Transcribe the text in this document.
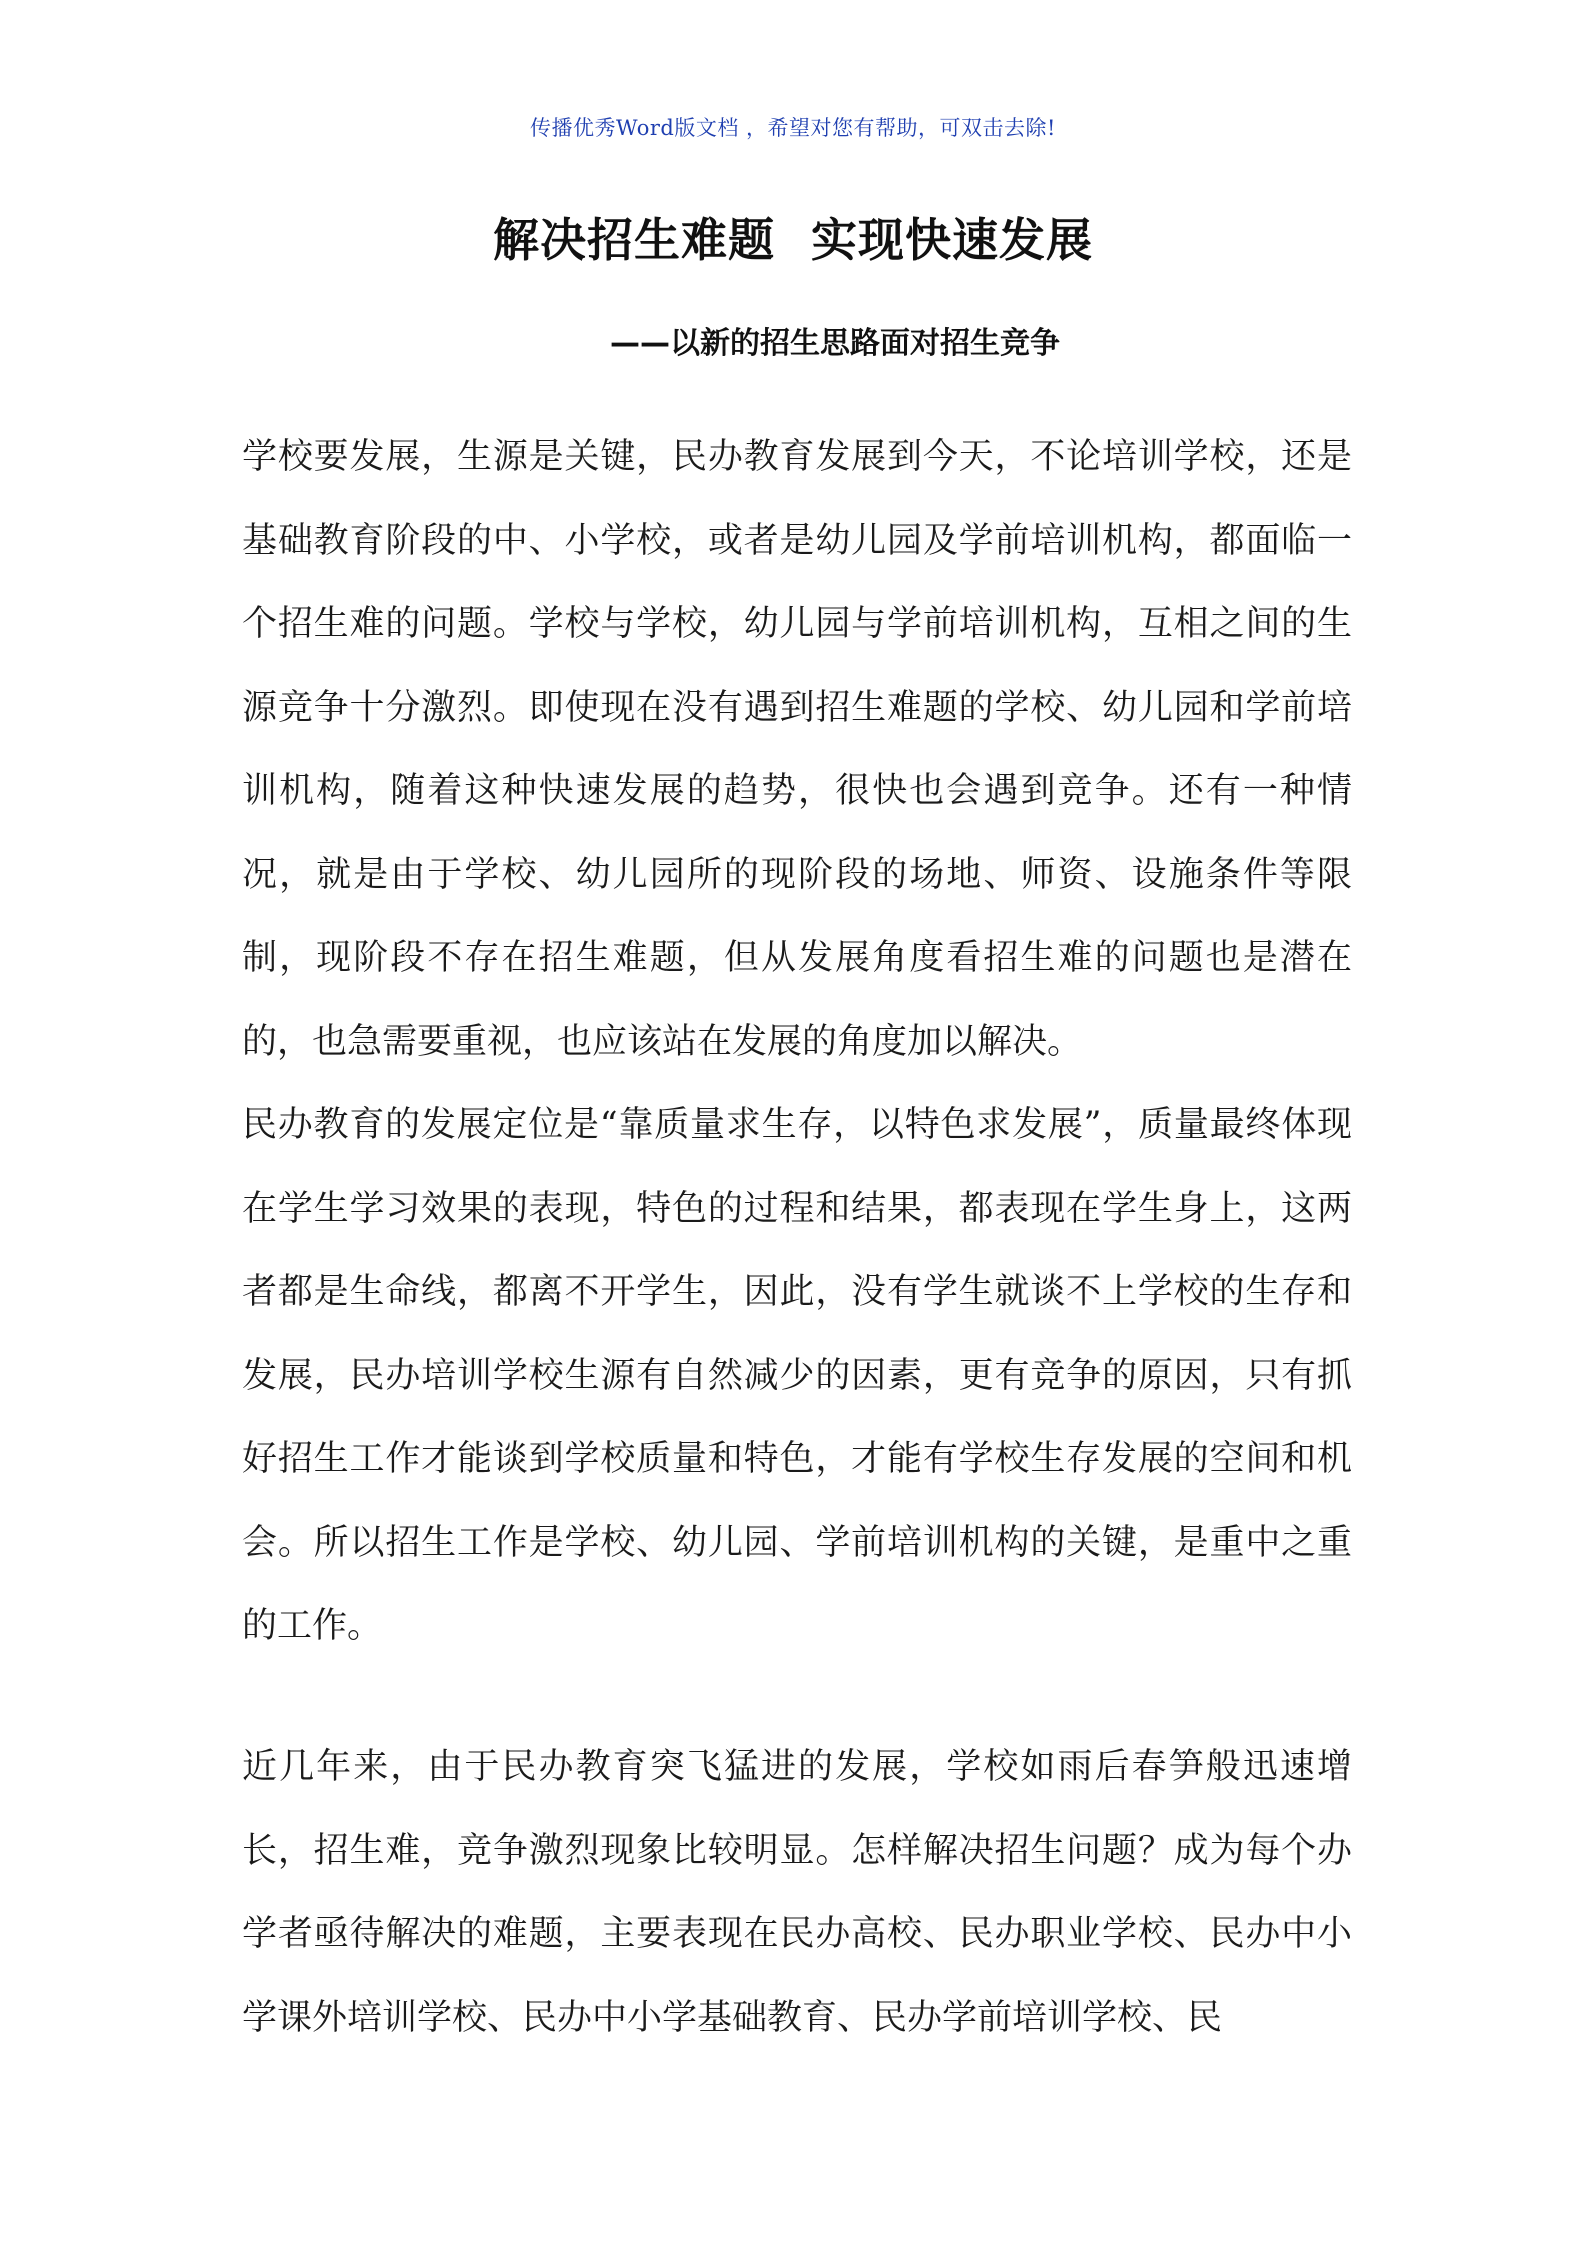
传播优秀Word版文档 ，希望对您有帮助，可双击去除!
解决招生难题 实现快速发展
——以新的招生思路面对招生竞争

学校要发展，生源是关键，民办教育发展到今天，不论培训学校，还是基础教育阶段的中、小学校，或者是幼儿园及学前培训机构，都面临一个招生难的问题。学校与学校，幼儿园与学前培训机构，互相之间的生源竞争十分激烈。即使现在没有遇到招生难题的学校、幼儿园和学前培训机构，随着这种快速发展的趋势，很快也会遇到竞争。还有一种情况，就是由于学校、幼儿园所的现阶段的场地、师资、设施条件等限制，现阶段不存在招生难题，但从发展角度看招生难的问题也是潜在的，也急需要重视，也应该站在发展的角度加以解决。

民办教育的发展定位是“靠质量求生存，以特色求发展”，质量最终体现在学生学习效果的表现，特色的过程和结果，都表现在学生身上，这两者都是生命线，都离不开学生，因此，没有学生就谈不上学校的生存和发展，民办培训学校生源有自然减少的因素，更有竞争的原因，只有抓好招生工作才能谈到学校质量和特色，才能有学校生存发展的空间和机会。所以招生工作是学校、幼儿园、学前培训机构的关键，是重中之重的工作。

近几年来，由于民办教育突飞猛进的发展，学校如雨后春笋般迅速增长，招生难，竞争激烈现象比较明显。怎样解决招生问题？成为每个办学者亟待解决的难题，主要表现在民办高校、民办职业学校、民办中小学课外培训学校、民办中小学基础教育、民办学前培训学校、民
